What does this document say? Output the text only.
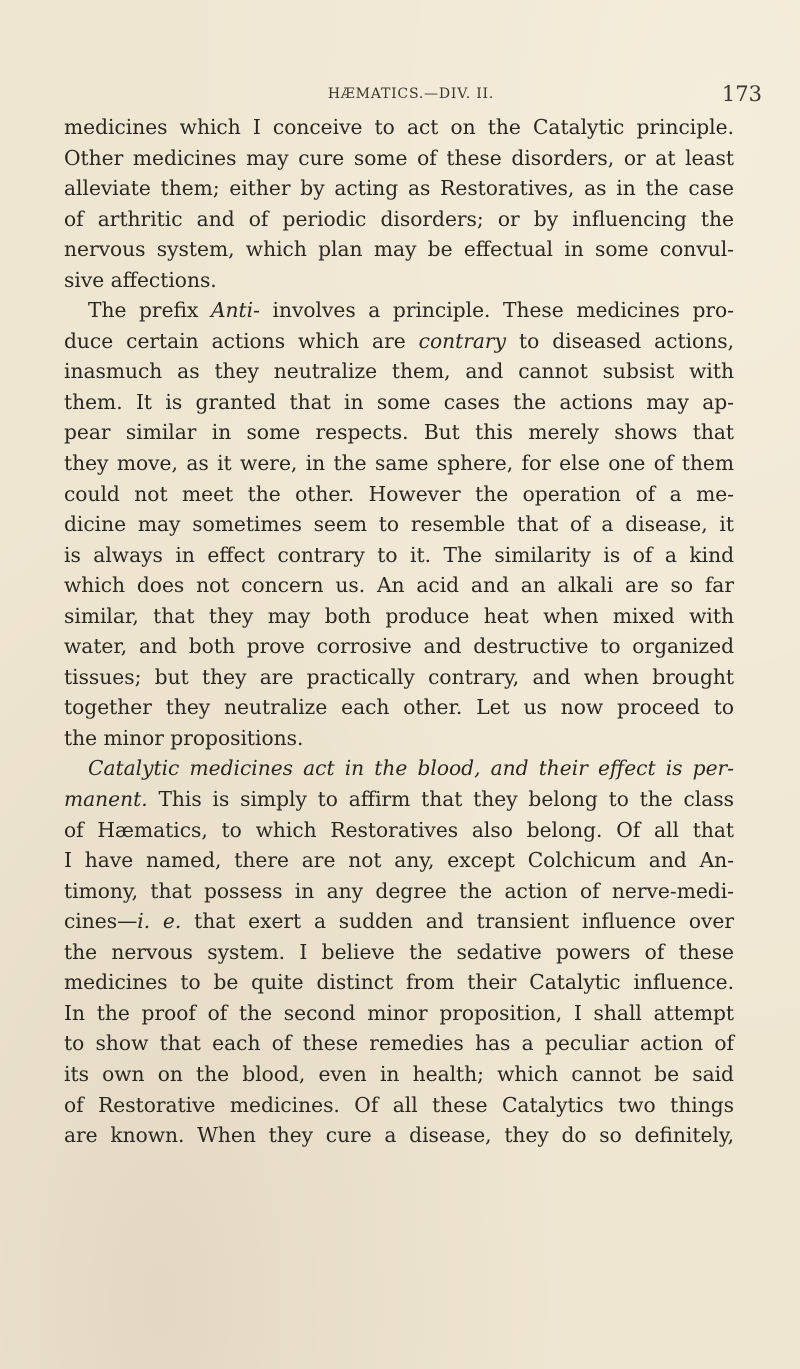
HÆMATICS.—DIV. II.	173
medicines which I conceive to act on the Catalytic principle.
Other medicines may cure some of these disorders, or at least
alleviate them; either by acting as Restoratives, as in the case
of arthritic and of periodic disorders; or by influencing the
nervous system, which plan may be effectual in some convul-
sive affections.
The prefix Anti- involves a principle. These medicines pro-
duce certain actions which are contrary to diseased actions,
inasmuch as they neutralize them, and cannot subsist with
them. It is granted that in some cases the actions may ap-
pear similar in some respects. But this merely shows that
they move, as it were, in the same sphere, for else one of them
could not meet the other. However the operation of a me-
dicine may sometimes seem to resemble that of a disease, it
is always in effect contrary to it. The similarity is of a kind
which does not concern us. An acid and an alkali are so far
similar, that they may both produce heat when mixed with
water, and both prove corrosive and destructive to organized
tissues; but they are practically contrary, and when brought
together they neutralize each other. Let us now proceed to
the minor propositions.
Catalytic medicines act in the blood, and their effect is per-
manent. This is simply to affirm that they belong to the class
of Hæmatics, to which Restoratives also belong. Of all that
I have named, there are not any, except Colchicum and An-
timony, that possess in any degree the action of nerve-medi-
cines—i. e. that exert a sudden and transient influence over
the nervous system. I believe the sedative powers of these
medicines to be quite distinct from their Catalytic influence.
In the proof of the second minor proposition, I shall attempt
to show that each of these remedies has a peculiar action of
its own on the blood, even in health; which cannot be said
of Restorative medicines. Of all these Catalytics two things
are known. When they cure a disease, they do so definitely,
